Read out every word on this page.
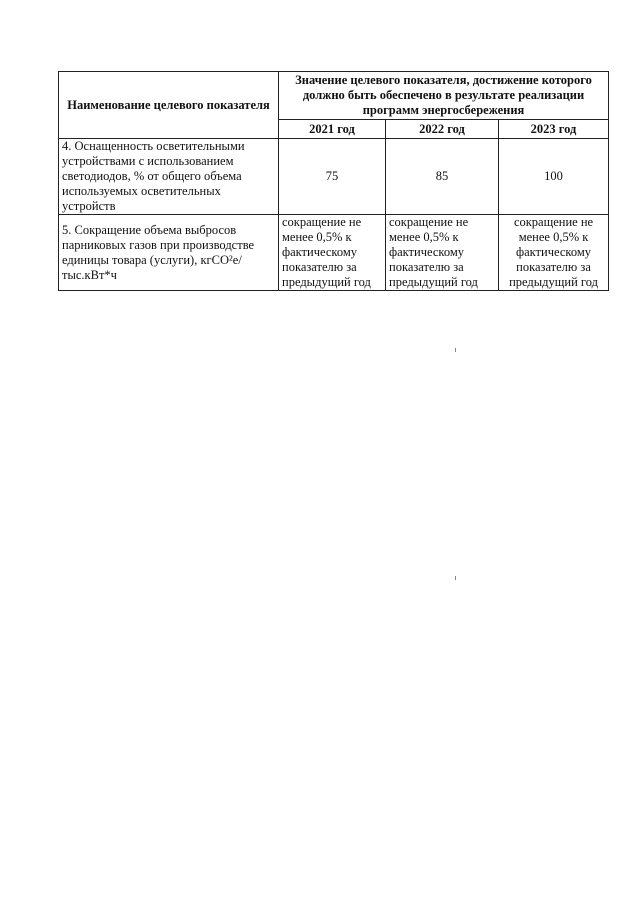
Наименование целевого показателя	Значение целевого показателя, достижение которого должно быть обеспечено в результате реализации программ энергосбережения		
	2021 год	2022 год	2023 год
4. Оснащенность осветительными устройствами с использованием светодиодов, % от общего объема используемых осветительных устройств	75	85	100
5. Сокращение объема выбросов парниковых газов при производстве единицы товара (услуги), кгСО²е/тыс.кВт*ч	сокращение не менее 0,5% к фактическому показателю за предыдущий год	сокращение не менее 0,5% к фактическому показателю за предыдущий год	сокращение не менее 0,5% к фактическому показателю за предыдущий год
